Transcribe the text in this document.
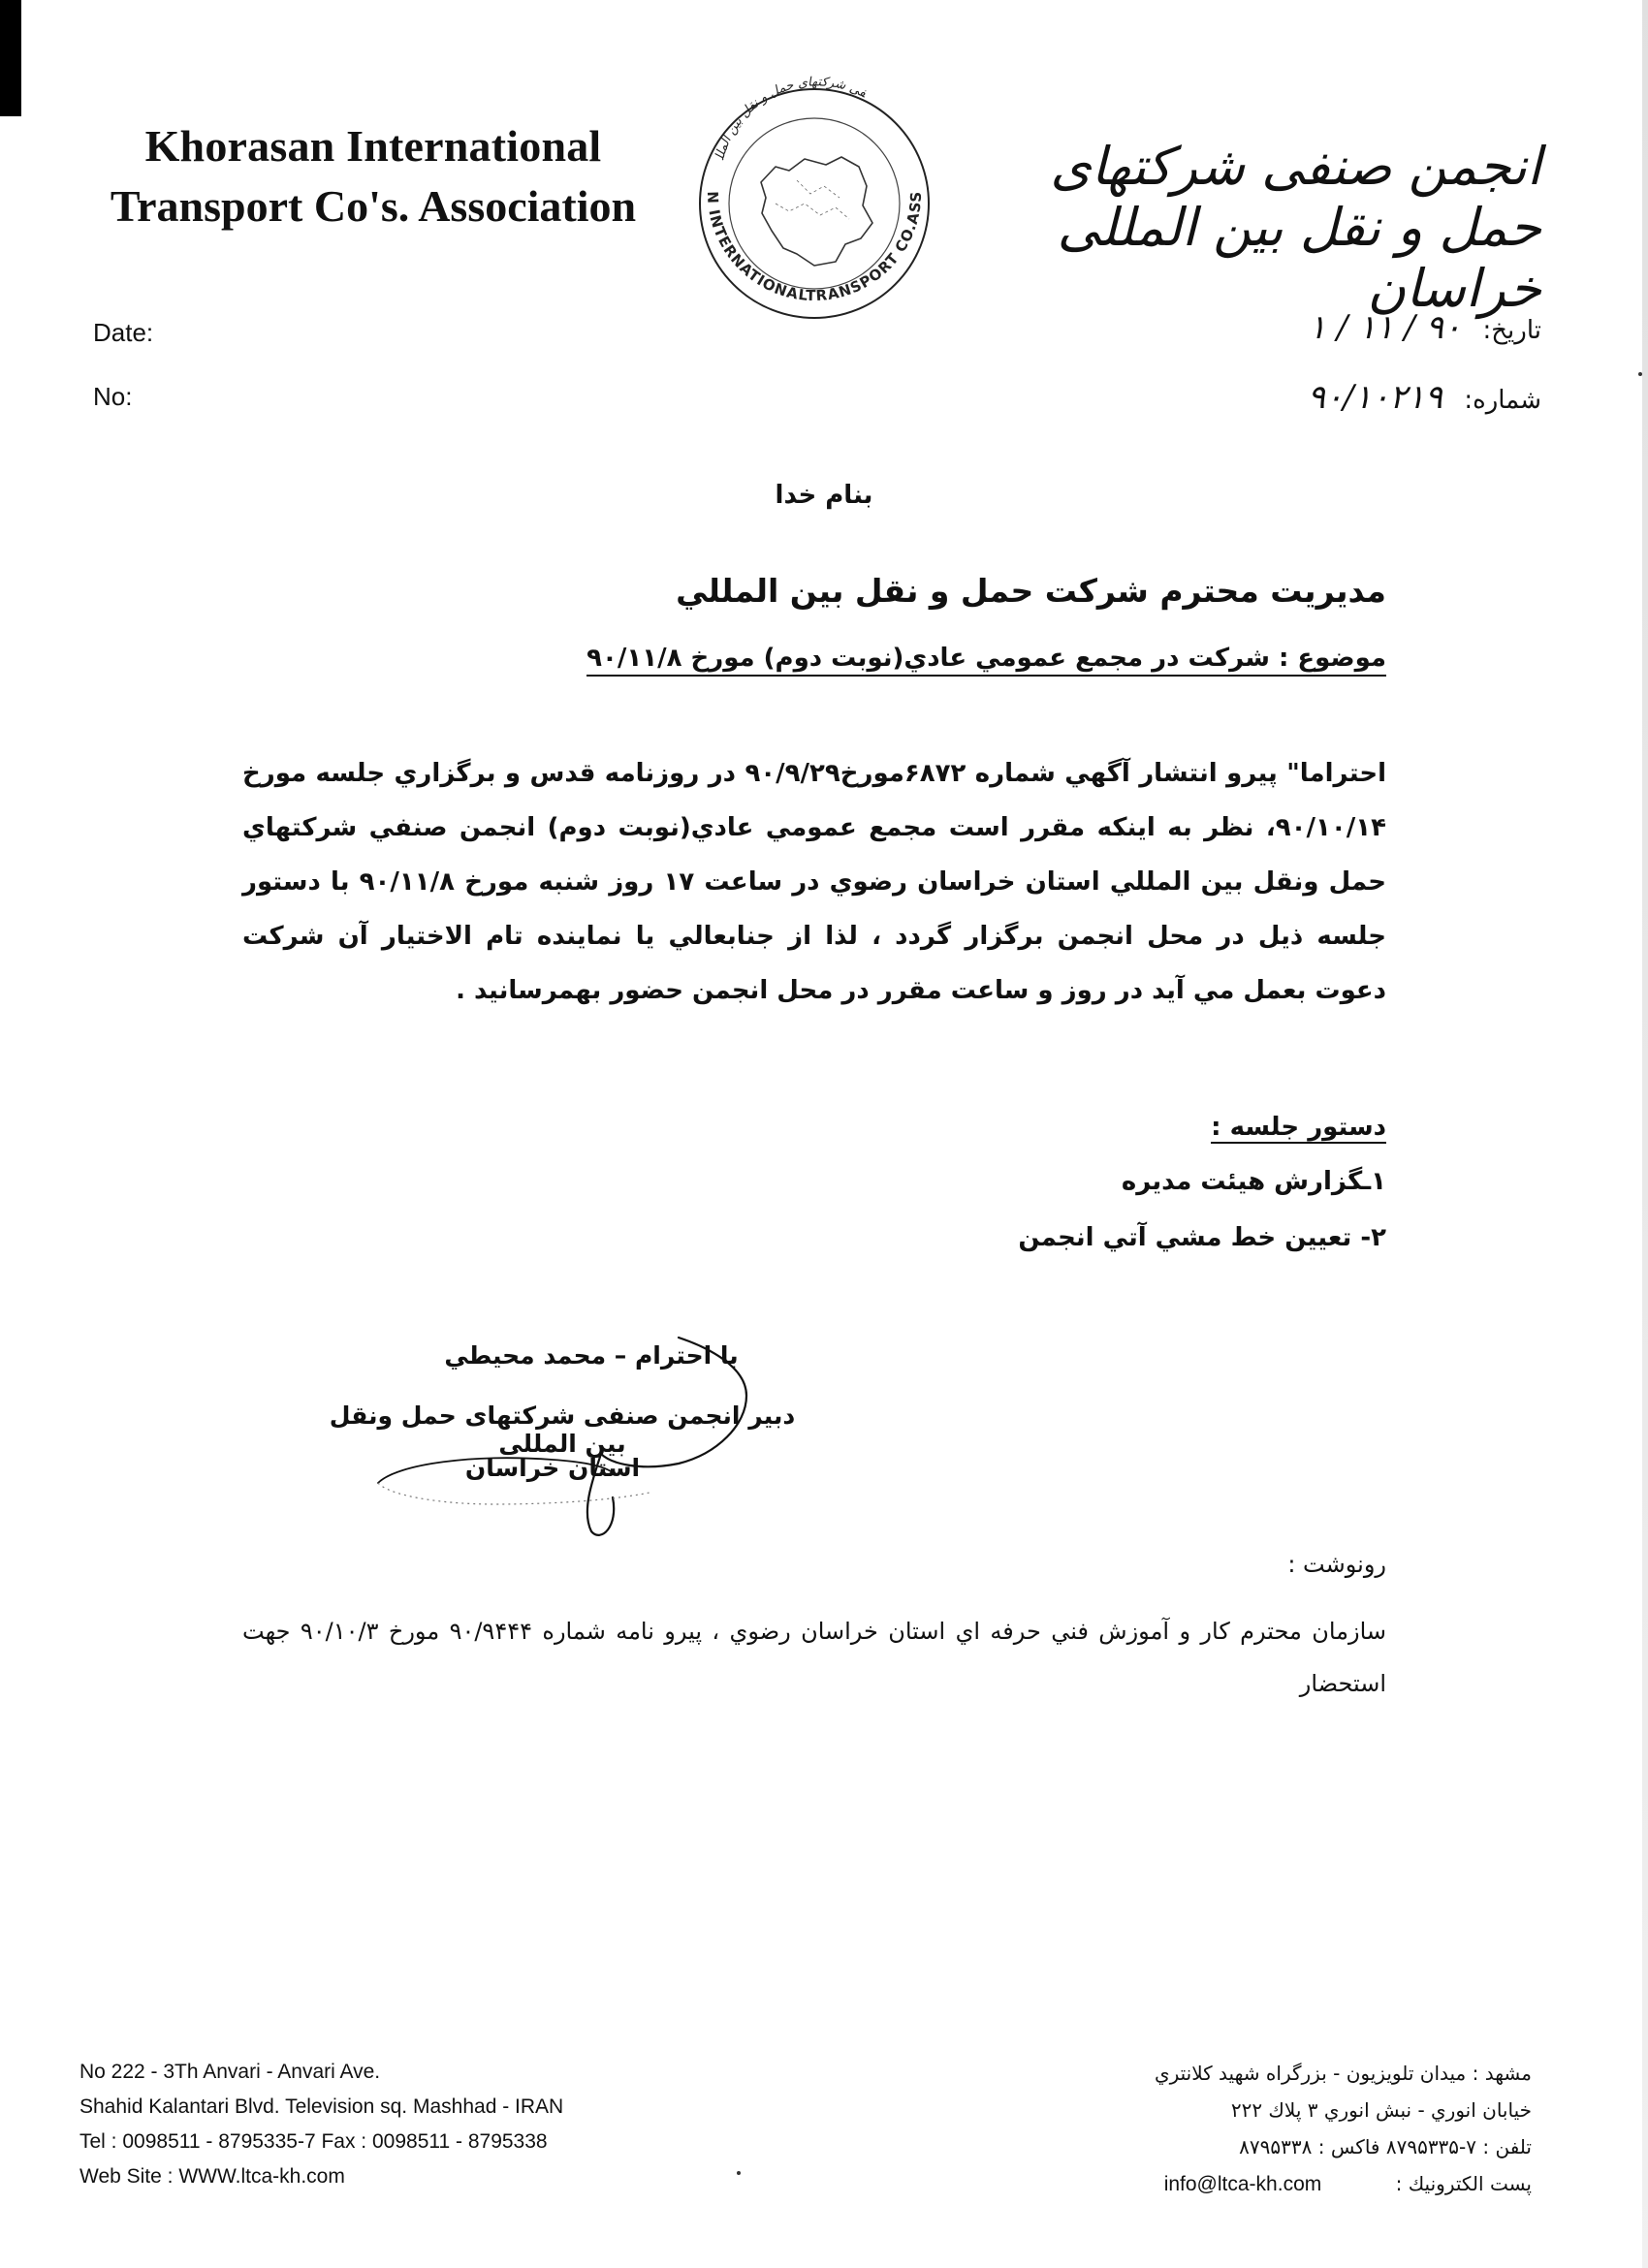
Khorasan International
Transport Co's. Association	N INTERNATIONALTRANSPORT CO.ASS
فی شرکتهای حمل و نقل بین الملل	انجمن صنفی شرکتهای حمل و نقل بین المللی خراسان
Date:
No:
تاریخ: ۹۰ / ۱۱ / ۱
شماره: ۹۰/۱۰۲۱۹
بنام خدا
مديريت محترم شركت حمل و نقل بين المللي
موضوع : شركت در مجمع عمومي عادي(نوبت دوم) مورخ ۹۰/۱۱/۸
احتراما" پيرو انتشار آگهي شماره ۶۸۷۲مورخ۹۰/۹/۲۹ در روزنامه قدس و برگزاري جلسه مورخ ۹۰/۱۰/۱۴، نظر به اينكه مقرر است مجمع عمومي عادي(نوبت دوم) انجمن صنفي شركتهاي حمل ونقل بين المللي استان خراسان رضوي در ساعت ۱۷ روز شنبه مورخ ۹۰/۱۱/۸ با دستور جلسه ذيل در محل انجمن برگزار گردد ، لذا از جنابعالي يا نماينده تام الاختيار آن شركت دعوت بعمل مي آيد در روز و ساعت مقرر در محل انجمن حضور بهمرسانيد .
دستور جلسه :
۱ـگزارش هيئت مديره
۲- تعيين خط مشي آتي انجمن
با احترام – محمد محيطي
دبير انجمن صنفی شرکتهای حمل ونقل بين المللی
استان خراسان
رونوشت :
سازمان محترم كار و آموزش فني حرفه اي استان خراسان رضوي ، پيرو نامه شماره ۹۰/۹۴۴۴ مورخ ۹۰/۱۰/۳ جهت استحضار
No 222 - 3Th Anvari - Anvari Ave.
Shahid Kalantari Blvd. Television sq. Mashhad - IRAN
Tel : 0098511 - 8795335-7 Fax : 0098511 - 8795338
Web Site : WWW.ltca-kh.com
مشهد : ميدان تلويزيون - بزرگراه شهيد كلانتري
خيابان انوري - نبش انوري ۳ پلاك ۲۲۲
تلفن : ۷-۸۷۹۵۳۳۵ فاكس : ۸۷۹۵۳۳۸
پست الكترونيك : info@ltca-kh.com
